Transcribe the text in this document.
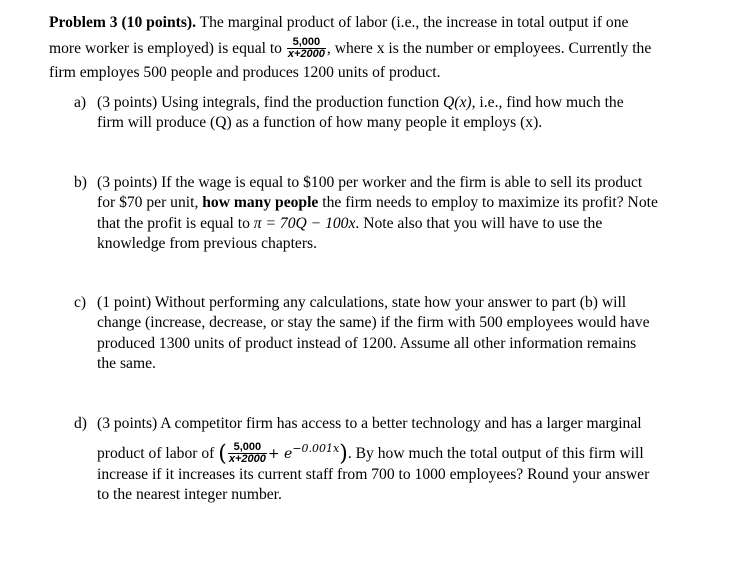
Problem 3 (10 points). The marginal product of labor (i.e., the increase in total output if one
more worker is employed) is equal to $\frac{5,000}{x+2000}$ , where x is the number or employees. Currently the
firm employes 500 people and produces 1200 units of product.
a) (3 points) Using integrals, find the production function Q(x), i.e., find how much the
firm will produce (Q) as a function of how many people it employs (x).
b) (3 points) If the wage is equal to $100 per worker and the firm is able to sell its product
for $70 per unit, how many people the firm needs to employ to maximize its profit? Note
that the profit is equal to π = 70Q − 100x. Note also that you will have to use the
knowledge from previous chapters.
c) (1 point) Without performing any calculations, state how your answer to part (b) will
change (increase, decrease, or stay the same) if the firm with 500 employees would have
produced 1300 units of product instead of 1200. Assume all other information remains
the same.
d) (3 points) A competitor firm has access to a better technology and has a larger marginal
product of labor of ( $\frac{5,000}{x+2000} + e^{-0.001x}$). By how much the total output of this firm will
increase if it increases its current staff from 700 to 1000 employees? Round your answer
to the nearest integer number.
